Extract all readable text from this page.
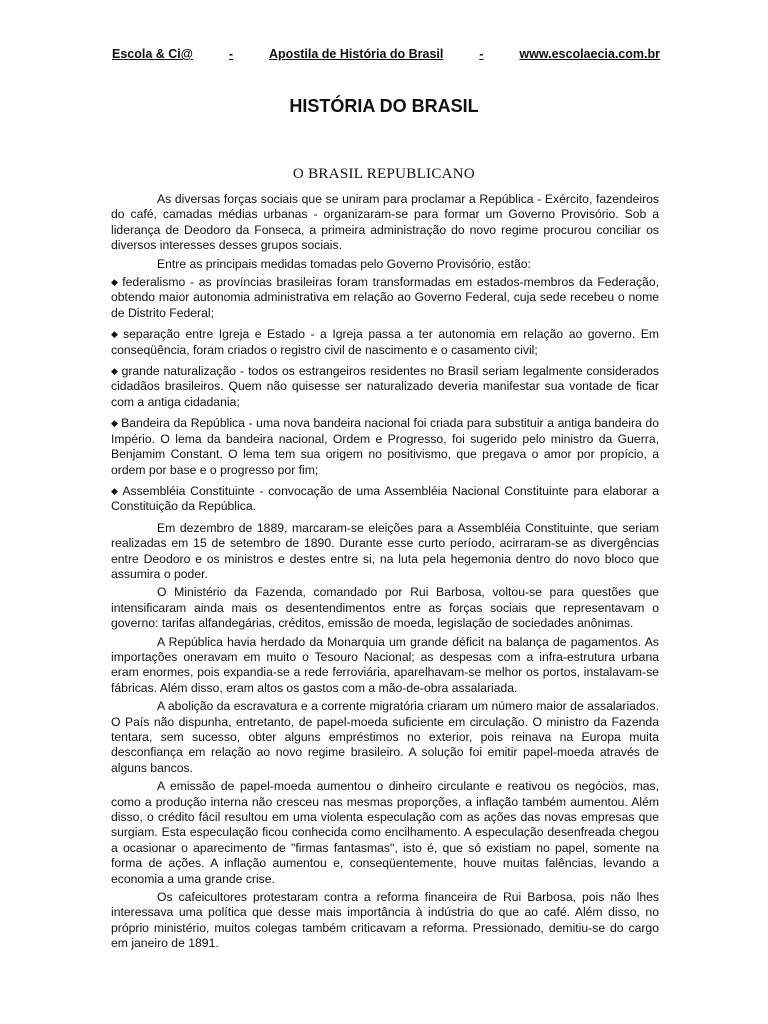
Escola & Ci@	-	Apostila de História do Brasil	-	www.escolaecia.com.br
HISTÓRIA DO BRASIL
O BRASIL REPUBLICANO

As diversas forças sociais que se uniram para proclamar a República - Exército, fazendeiros do café, camadas médias urbanas - organizaram-se para formar um Governo Provisório. Sob a liderança de Deodoro da Fonseca, a primeira administração do novo regime procurou conciliar os diversos interesses desses grupos sociais.

Entre as principais medidas tomadas pelo Governo Provisório, estão:

◆ federalismo - as províncias brasileiras foram transformadas em estados-membros da Federação, obtendo maior autonomia administrativa em relação ao Governo Federal, cuja sede recebeu o nome de Distrito Federal;

◆ separação entre Igreja e Estado - a Igreja passa a ter autonomia em relação ao governo. Em conseqüência, foram criados o registro civil de nascimento e o casamento civil;

◆ grande naturalização - todos os estrangeiros residentes no Brasil seriam legalmente considerados cidadãos brasileiros. Quem não quisesse ser naturalizado deveria manifestar sua vontade de ficar com a antiga cidadania;

◆ Bandeira da República - uma nova bandeira nacional foi criada para substituir a antiga bandeira do Império. O lema da bandeira nacional, Ordem e Progresso, foi sugerido pelo ministro da Guerra, Benjamim Constant. O lema tem sua origem no positivismo, que pregava o amor por propício, a ordem por base e o progresso por fim;

◆ Assembléia Constituinte - convocação de uma Assembléia Nacional Constituinte para elaborar a Constituição da República.

Em dezembro de 1889, marcaram-se eleições para a Assembléia Constituinte, que seriam realizadas em 15 de setembro de 1890. Durante esse curto período, acirraram-se as divergências entre Deodoro e os ministros e destes entre si, na luta pela hegemonia dentro do novo bloco que assumira o poder.

O Ministério da Fazenda, comandado por Rui Barbosa, voltou-se para questões que intensificaram ainda mais os desentendimentos entre as forças sociais que representavam o governo: tarifas alfandegárias, créditos, emissão de moeda, legislação de sociedades anônimas.

A República havia herdado da Monarquia um grande déficit na balança de pagamentos. As importações oneravam em muito o Tesouro Nacional; as despesas com a infra-estrutura urbana eram enormes, pois expandia-se a rede ferroviária, aparelhavam-se melhor os portos, instalavam-se fábricas. Além disso, eram altos os gastos com a mão-de-obra assalariada.

A abolição da escravatura e a corrente migratória criaram um número maior de assalariados. O País não dispunha, entretanto, de papel-moeda suficiente em circulação. O ministro da Fazenda tentara, sem sucesso, obter alguns empréstimos no exterior, pois reinava na Europa muita desconfiança em relação ao novo regime brasileiro. A solução foi emitir papel-moeda através de alguns bancos.

A emissão de papel-moeda aumentou o dinheiro circulante e reativou os negócios, mas, como a produção interna não cresceu nas mesmas proporções, a inflação também aumentou. Além disso, o crédito fácil resultou em uma violenta especulação com as ações das novas empresas que surgiam. Esta especulação ficou conhecida como encilhamento. A especulação desenfreada chegou a ocasionar o aparecimento de "firmas fantasmas", isto é, que só existiam no papel, somente na forma de ações. A inflação aumentou e, conseqüentemente, houve muitas falências, levando a economia a uma grande crise.

Os cafeicultores protestaram contra a reforma financeira de Rui Barbosa, pois não lhes interessava uma política que desse mais importância à indústria do que ao café. Além disso, no próprio ministério, muitos colegas também criticavam a reforma. Pressionado, demitiu-se do cargo em janeiro de 1891.
